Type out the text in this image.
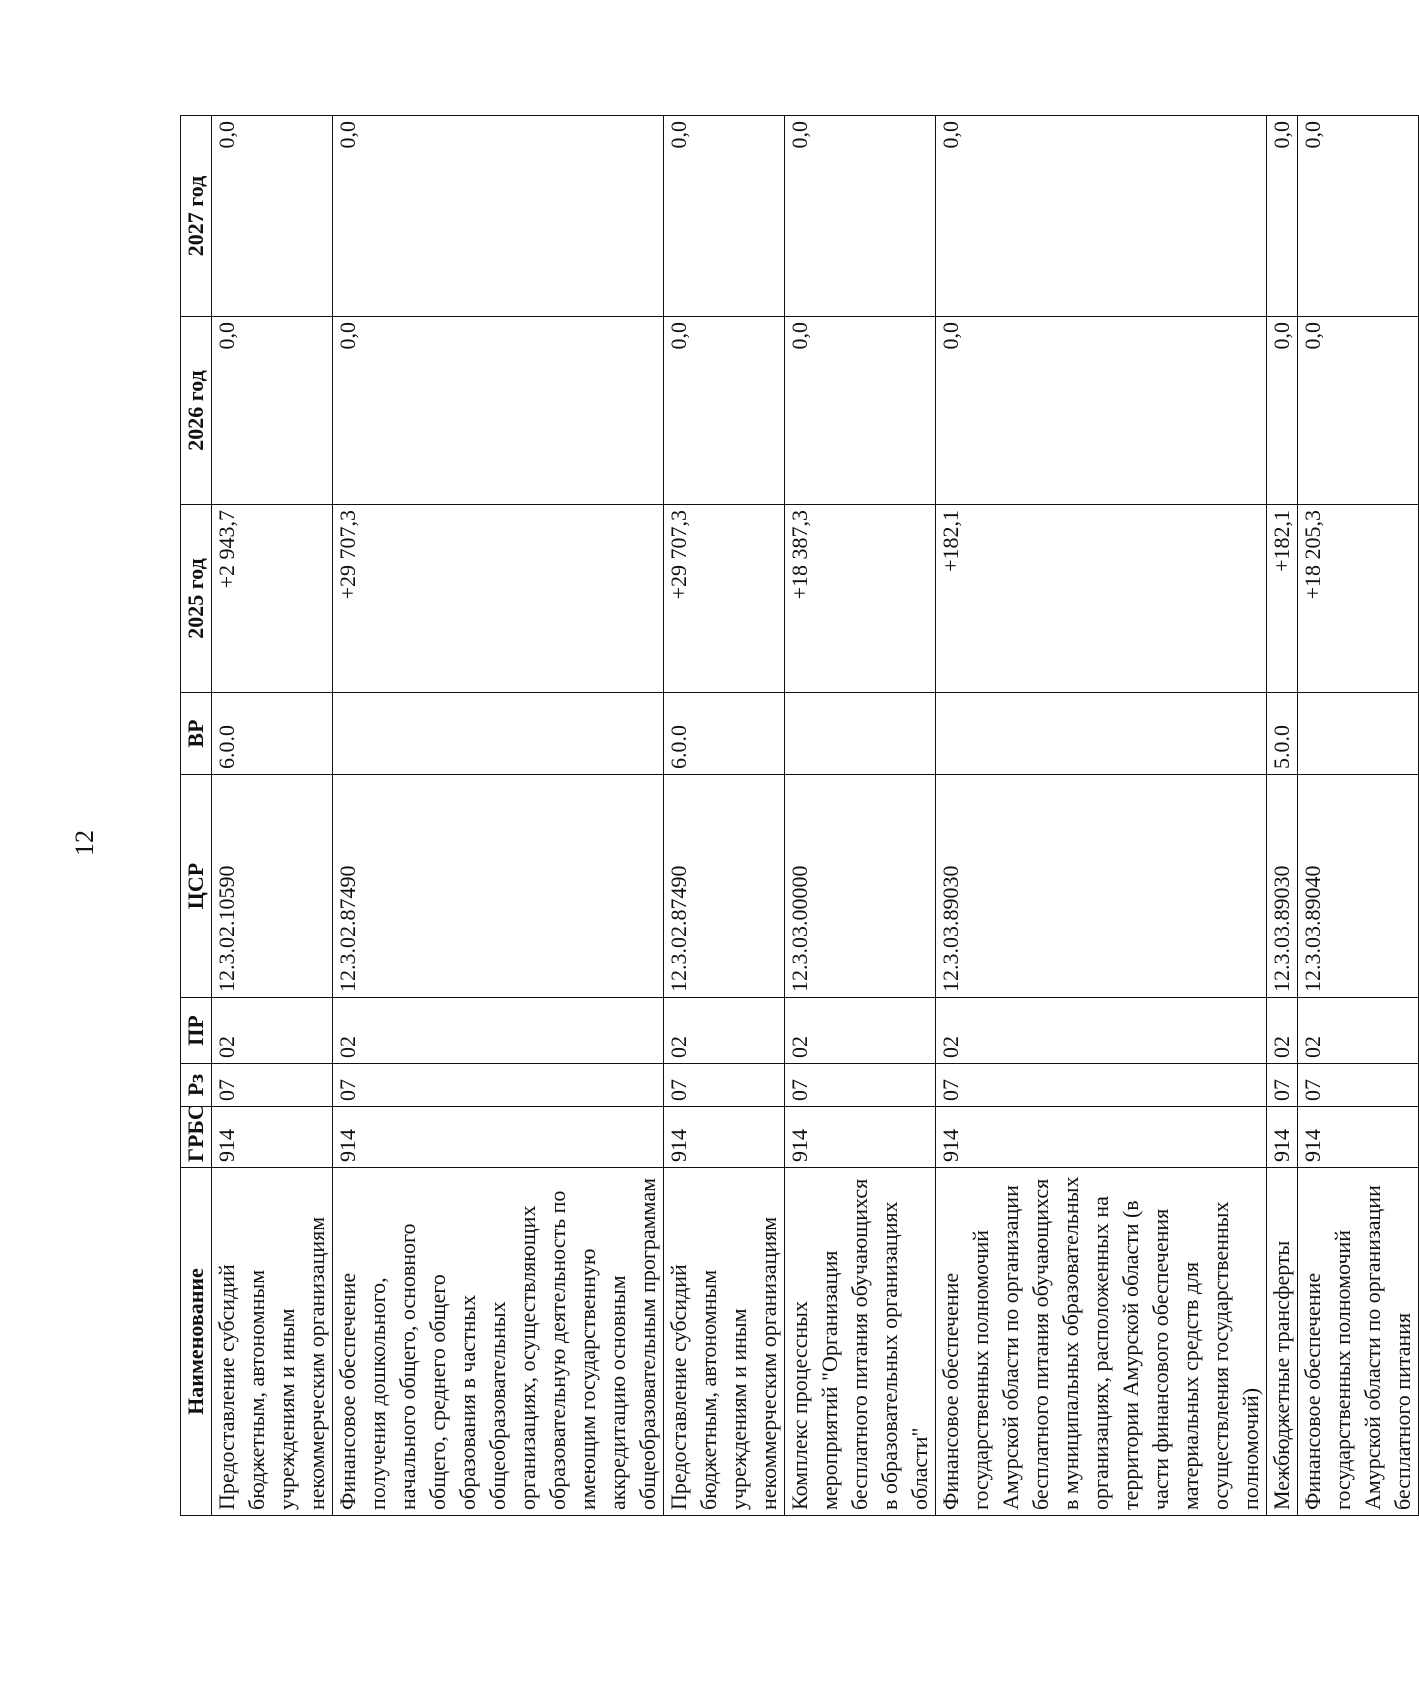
12
Наименование	ГРБС	Рз	ПР	ЦСР	ВР	2025 год	2026 год	2027 год
Предоставление субсидий бюджетным, автономным учреждениям и иным некоммерческим организациям	914	07	02	12.3.02.10590	6.0.0	+2 943,7	0,0	0,0
Финансовое обеспечение получения дошкольного, начального общего, основного общего, среднего общего образования в частных общеобразовательных организациях, осуществляющих образовательную деятельность по имеющим государственную аккредитацию основным общеобразовательным программам	914	07	02	12.3.02.87490		+29 707,3	0,0	0,0
Предоставление субсидий бюджетным, автономным учреждениям и иным некоммерческим организациям	914	07	02	12.3.02.87490	6.0.0	+29 707,3	0,0	0,0
Комплекс процессных мероприятий "Организация бесплатного питания обучающихся в образовательных организациях области"	914	07	02	12.3.03.00000		+18 387,3	0,0	0,0
Финансовое обеспечение государственных полномочий Амурской области по организации бесплатного питания обучающихся в муниципальных образовательных организациях, расположенных на территории Амурской области (в части финансового обеспечения материальных средств для осуществления государственных полномочий)	914	07	02	12.3.03.89030		+182,1	0,0	0,0
Межбюджетные трансферты	914	07	02	12.3.03.89030	5.0.0	+182,1	0,0	0,0
Финансовое обеспечение государственных полномочий Амурской области по организации бесплатного питания	914	07	02	12.3.03.89040		+18 205,3	0,0	0,0
